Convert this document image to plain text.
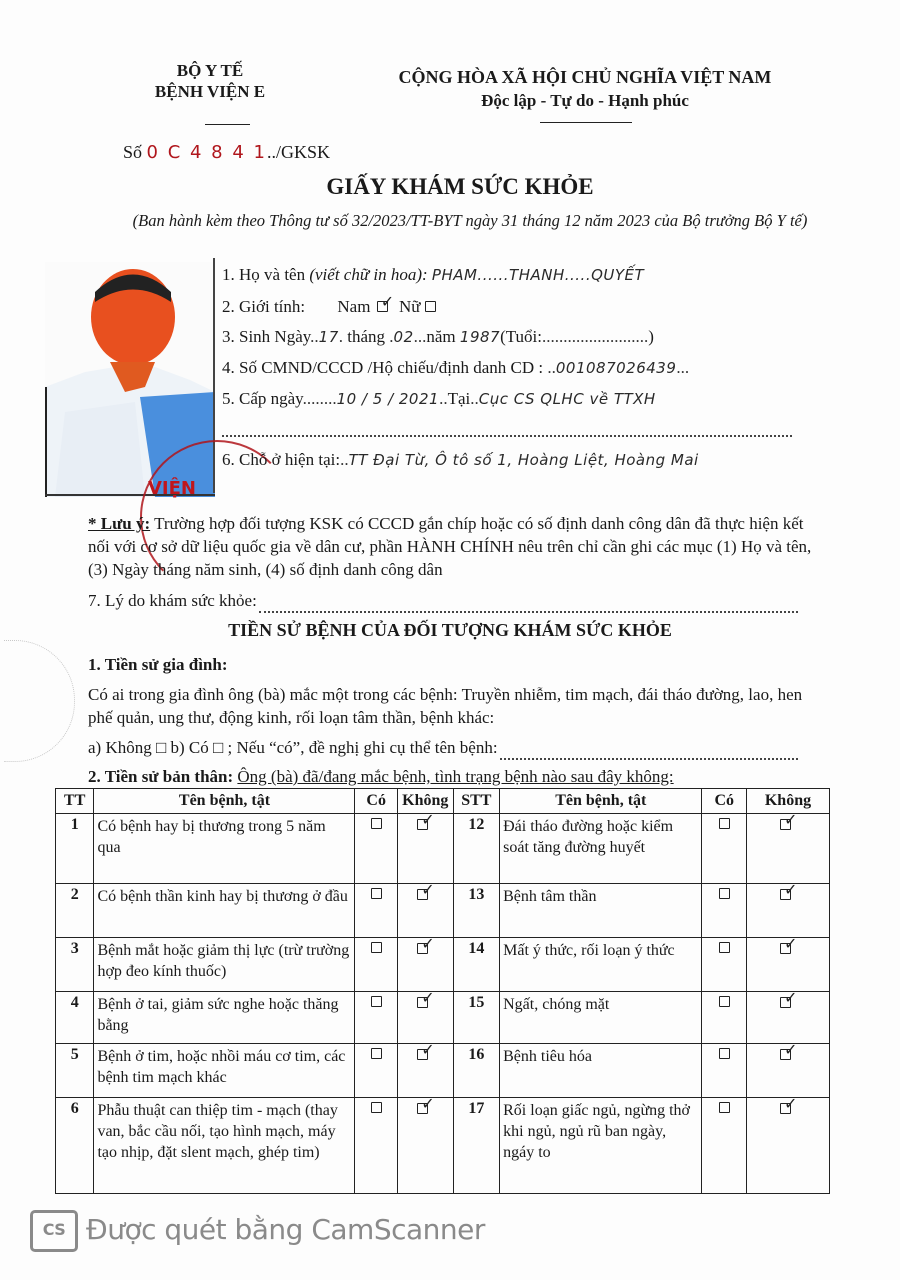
BỘ Y TẾ
BỆNH VIỆN E
CỘNG HÒA XÃ HỘI CHỦ NGHĨA VIỆT NAM
Độc lập - Tự do - Hạnh phúc
Số 0 C 4 8 4 1../GKSK
GIẤY KHÁM SỨC KHỎE
(Ban hành kèm theo Thông tư số 32/2023/TT-BYT ngày 31 tháng 12 năm 2023 của Bộ trưởng Bộ Y tế)
VIỆN
1. Họ và tên (viết chữ in hoa): PHAM......THANH.....QUYẾT
2. Giới tính: Nam ✓ Nữ
3. Sinh Ngày..17. tháng .02...năm 1987(Tuổi:.........................)
4. Số CMND/CCCD /Hộ chiếu/định danh CD : ..001087026439...
5. Cấp ngày........10 / 5 / 2021..Tại..Cục CS QLHC về TTXH
6. Chỗ ở hiện tại:..TT Đại Từ, Ô tô số 1, Hoàng Liệt, Hoàng Mai
* Lưu ý: Trường hợp đối tượng KSK có CCCD gắn chíp hoặc có số định danh công dân đã thực hiện kết nối với cơ sở dữ liệu quốc gia về dân cư, phần HÀNH CHÍNH nêu trên chỉ cần ghi các mục (1) Họ và tên, (3) Ngày tháng năm sinh, (4) số định danh công dân
7. Lý do khám sức khỏe:

TIỀN SỬ BỆNH CỦA ĐỐI TƯỢNG KHÁM SỨC KHỎE
1. Tiền sử gia đình:
Có ai trong gia đình ông (bà) mắc một trong các bệnh: Truyền nhiễm, tim mạch, đái tháo đường, lao, hen phế quản, ung thư, động kinh, rối loạn tâm thần, bệnh khác:
a) Không □ b) Có □ ; Nếu “có”, đề nghị ghi cụ thể tên bệnh:

2. Tiền sử bản thân: Ông (bà) đã/đang mắc bệnh, tình trạng bệnh nào sau đây không:
TT	Tên bệnh, tật	Có	Không	STT	Tên bệnh, tật	Có	Không
1	Có bệnh hay bị thương trong 5 năm qua		✓	12	Đái tháo đường hoặc kiểm soát tăng đường huyết		✓

2	Có bệnh thần kinh hay bị thương ở đầu		✓	13	Bệnh tâm thần		✓

3	Bệnh mắt hoặc giảm thị lực (trừ trường hợp đeo kính thuốc)		✓	14	Mất ý thức, rối loạn ý thức		✓

4	Bệnh ở tai, giảm sức nghe hoặc thăng bằng		✓	15	Ngất, chóng mặt		✓

5	Bệnh ở tim, hoặc nhồi máu cơ tim, các bệnh tim mạch khác		✓	16	Bệnh tiêu hóa		✓

6	Phẫu thuật can thiệp tim - mạch (thay van, bắc cầu nối, tạo hình mạch, máy tạo nhịp, đặt slent mạch, ghép tim)		✓	17	Rối loạn giấc ngủ, ngừng thở khi ngủ, ngủ rũ ban ngày, ngáy to		✓
CS Được quét bằng CamScanner
